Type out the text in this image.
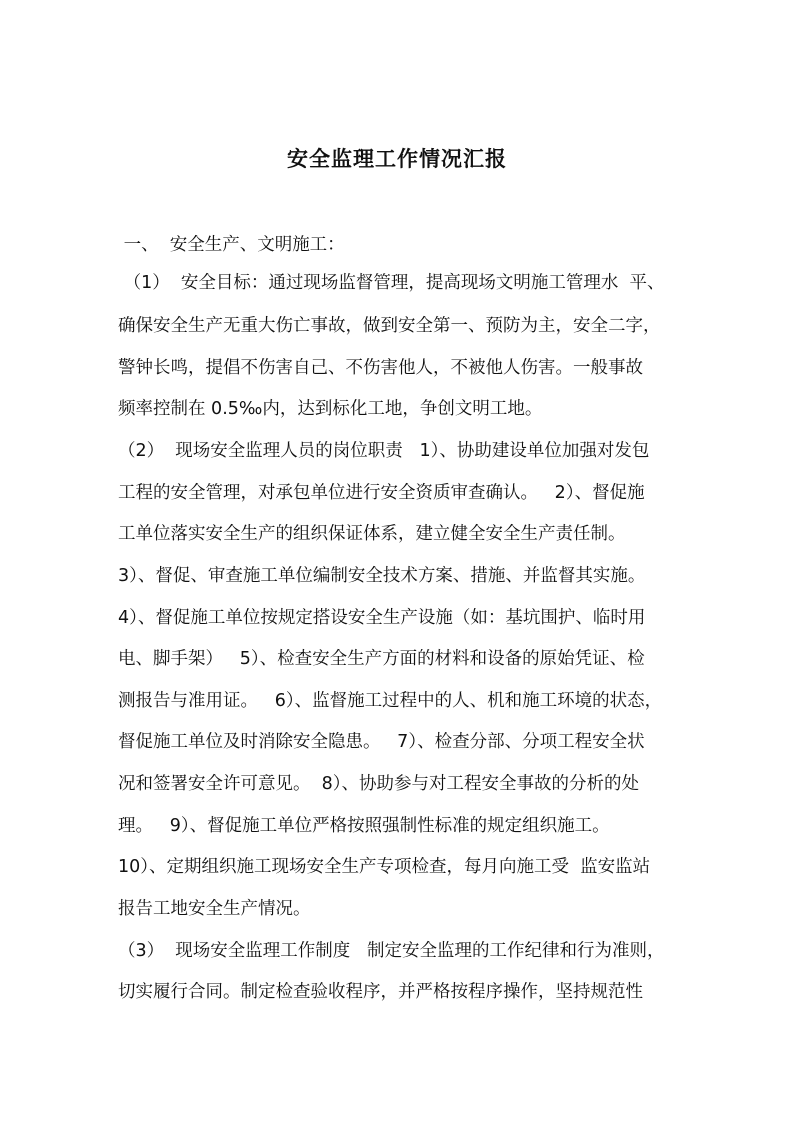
安全监理工作情况汇报
一、  安全生产、文明施工：
（1）  安全目标：通过现场监督管理，提高现场文明施工管理水  平、
确保安全生产无重大伤亡事故，做到安全第一、预防为主，安全二字，
警钟长鸣，提倡不伤害自己、不伤害他人，不被他人伤害。一般事故
频率控制在 0.5‰内，达到标化工地，争创文明工地。
（2）  现场安全监理人员的岗位职责   1）、协助建设单位加强对发包
工程的安全管理，对承包单位进行安全资质审查确认。   2）、督促施
工单位落实安全生产的组织保证体系，建立健全安全生产责任制。
3）、督促、审查施工单位编制安全技术方案、措施、并监督其实施。
4）、督促施工单位按规定搭设安全生产设施（如：基坑围护、临时用
电、脚手架）   5）、检查安全生产方面的材料和设备的原始凭证、检
测报告与准用证。   6）、监督施工过程中的人、机和施工环境的状态，
督促施工单位及时消除安全隐患。   7）、检查分部、分项工程安全状
况和签署安全许可意见。  8）、协助参与对工程安全事故的分析的处
理。   9）、督促施工单位严格按照强制性标准的规定组织施工。
10）、定期组织施工现场安全生产专项检查，每月向施工受  监安监站
报告工地安全生产情况。
（3）  现场安全监理工作制度   制定安全监理的工作纪律和行为准则，
切实履行合同。制定检查验收程序，并严格按程序操作，坚持规范性
